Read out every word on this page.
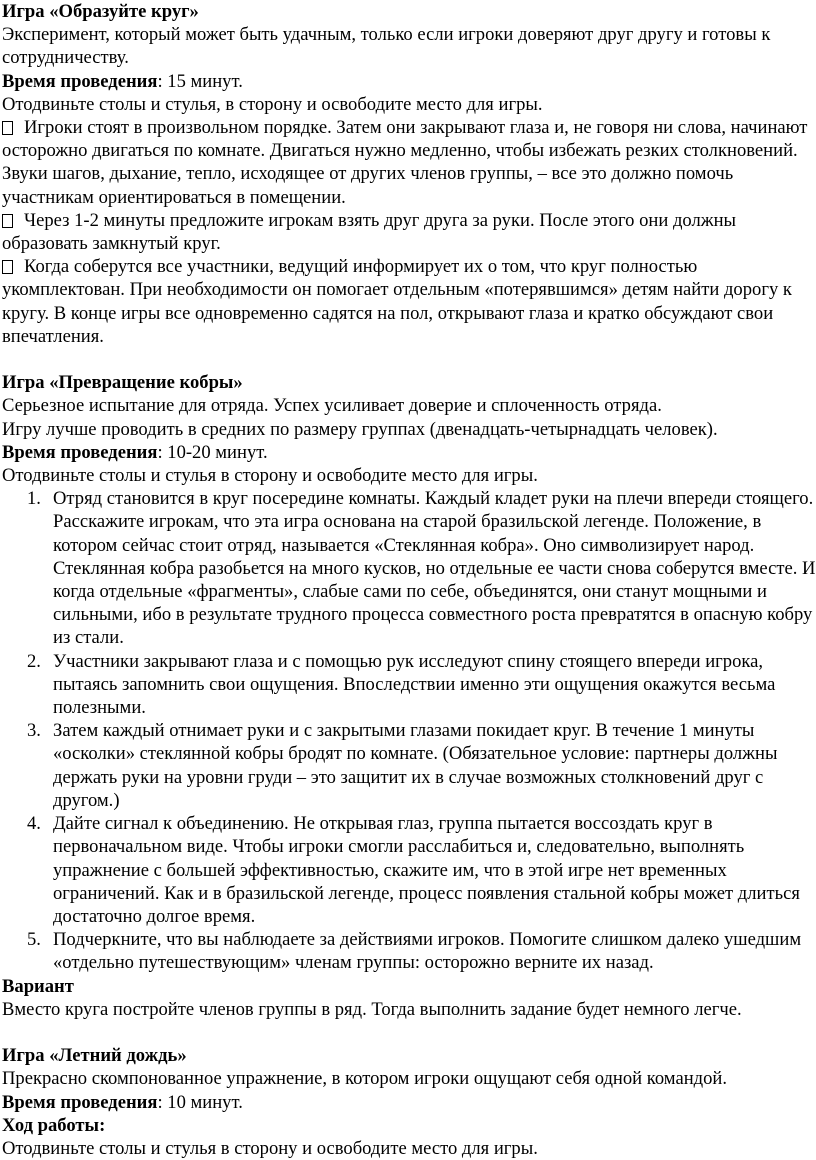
Игра «Образуйте круг»

Эксперимент, который может быть удачным, только если игроки доверяют друг другу и готовы к сотрудничеству.

Время проведения: 15 минут.

Отодвиньте столы и стулья, в сторону и освободите место для игры.

Игроки стоят в произвольном порядке. Затем они закрывают глаза и, не говоря ни слова, начинают осторожно двигаться по комнате. Двигаться нужно медленно, чтобы избежать резких столкновений. Звуки шагов, дыхание, тепло, исходящее от других членов группы, – все это должно помочь участникам ориентироваться в помещении.

Через 1-2 минуты предложите игрокам взять друг друга за руки. После этого они должны образовать замкнутый круг.

Когда соберутся все участники, ведущий информирует их о том, что круг полностью укомплектован. При необходимости он помогает отдельным «потерявшимся» детям найти дорогу к кругу. В конце игры все одновременно садятся на пол, открывают глаза и кратко обсуждают свои впечатления.

Игра «Превращение кобры»

Серьезное испытание для отряда. Успех усиливает доверие и сплоченность отряда.

Игру лучше проводить в средних по размеру группах (двенадцать-четырнадцать человек).

Время проведения: 10-20 минут.

Отодвиньте столы и стулья в сторону и освободите место для игры.

1. Отряд становится в круг посередине комнаты. Каждый кладет руки на плечи впереди стоящего. Расскажите игрокам, что эта игра основана на старой бразильской легенде. Положение, в котором сейчас стоит отряд, называется «Стеклянная кобра». Оно символизирует народ. Стеклянная кобра разобьется на много кусков, но отдельные ее части снова соберутся вместе. И когда отдельные «фрагменты», слабые сами по себе, объединятся, они станут мощными и сильными, ибо в результате трудного процесса совместного роста превратятся в опасную кобру из стали.
2. Участники закрывают глаза и с помощью рук исследуют спину стоящего впереди игрока, пытаясь запомнить свои ощущения. Впоследствии именно эти ощущения окажутся весьма полезными.
3. Затем каждый отнимает руки и с закрытыми глазами покидает круг. В течение 1 минуты «осколки» стеклянной кобры бродят по комнате. (Обязательное условие: партнеры должны держать руки на уровни груди – это защитит их в случае возможных столкновений друг с другом.)
4. Дайте сигнал к объединению. Не открывая глаз, группа пытается воссоздать круг в первоначальном виде. Чтобы игроки смогли расслабиться и, следовательно, выполнять упражнение с большей эффективностью, скажите им, что в этой игре нет временных ограничений. Как и в бразильской легенде, процесс появления стальной кобры может длиться достаточно долгое время.
5. Подчеркните, что вы наблюдаете за действиями игроков. Помогите слишком далеко ушедшим «отдельно путешествующим» членам группы: осторожно верните их назад.

Вариант

Вместо круга постройте членов группы в ряд. Тогда выполнить задание будет немного легче.

Игра «Летний дождь»

Прекрасно скомпонованное упражнение, в котором игроки ощущают себя одной командой.

Время проведения: 10 минут.

Ход работы:

Отодвиньте столы и стулья в сторону и освободите место для игры.
